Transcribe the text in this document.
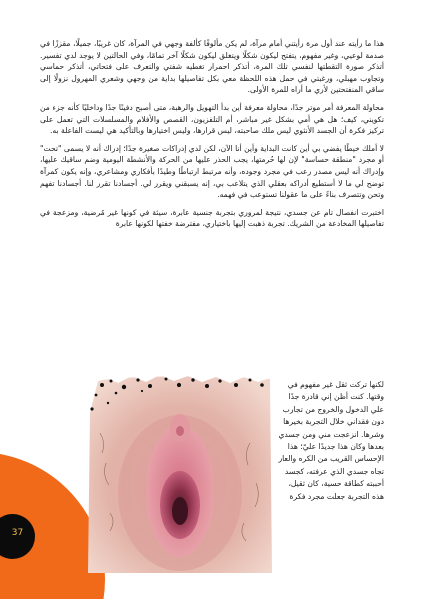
هذا ما رأيته عند أول مرة رأيتني أمام مرآة، لم يكن مألوفًا كألفة وجهي في المرآة، كان غريبًا، جميلًا، مقززًا في صدمة لوعيي، وغير مفهوم، يتفتح ليكون شكلًا ويتغلق ليكون شكلًا آخر تمامًا، وفي الحالتين لا يوجد لدي تفسير. أتذكر صورة التقطتها لنفسي تلك المرة، أتذكر احمرار تغطيه شفتي والتعرف على فتحاتي، أتذكر حماسي وتجاوب مهبلي، ورغبتي في حمل هذه اللحظة معي بكل تفاصيلها بداية من وجهي وشعري المهرول نزولًا إلى ساقي المنفتحتين لأري ما أراه للمرة الأولى.

محاولة المعرفة أمر موتر جدًا، محاولة معرفة أين بدأ التهويل والرهبة، متى أصبح دفينًا جدًا وداخليًا كأنه جزء من تكويني، كيف؛ هل هي أمي بشكل غير مباشر، أم التلفزيون، القصص والأفلام والمسلسلات التي تعمل على تركيز فكرة أن الجسد الأنثوي ليس ملك صاحبته، ليس قرارها، وليس اختيارها وبالتأكيد هي ليست الفاعلة به.

لا أملك خيطًا يفضي بي أين كانت البداية وأين أنا الآن، لكن لدي إدراكات صغيرة جدًا؛ إدراك أنه لا يسمى "تحت" أو مجرد "منطقة حساسة" لإن لها حُرمتها، يجب الحذر عليها من الحركة والأنشطة اليومية وضم ساقيك عليها، وإدراك أنه ليس مصدر رعب في مجرد وجوده، وأنه مرتبط ارتباطًا وطيدًا بأفكاري ومشاعري، وإنه يكون كمرآة توضح لي ما لا أستطيع أدراكه بعقلي الذي يتلاعب بي، إنه يسبقني ويقرر لي. أجسادنا تقرر لنا. أجسادنا تفهم وتحن وتتصرف بناءً على ما عقولنا تستوعب في فهمه.

اختبرت انفصال تام عن جسدي، نتيجة لمروري بتجربة جنسية عابرة، سيئة في كونها غير مُرضية، ومزعجة في تفاصيلها المخادعة من الشريك. تجربة ذهبت إليها باختياري، مفترضة خفتها لكونها عابرة

37
لكنها تركت ثقل غير مفهوم في
وقتها. كنت أظن إني قادرة جدًا
علي الدخول والخروج من تجارب
دون فقداني خلال التجربة بخيرها
وشرها. انزعجت مني ومن جسدي
بعدها وكان هذا جديدًا عليّ؛ هذا
الإحساس القريب من الكره والعار
تجاه جسدي الذي عرفته، كجسد
أحببته كطاقة حسية، كان ثقيل،
هذه التجربة جعلت مجرد فكرة
